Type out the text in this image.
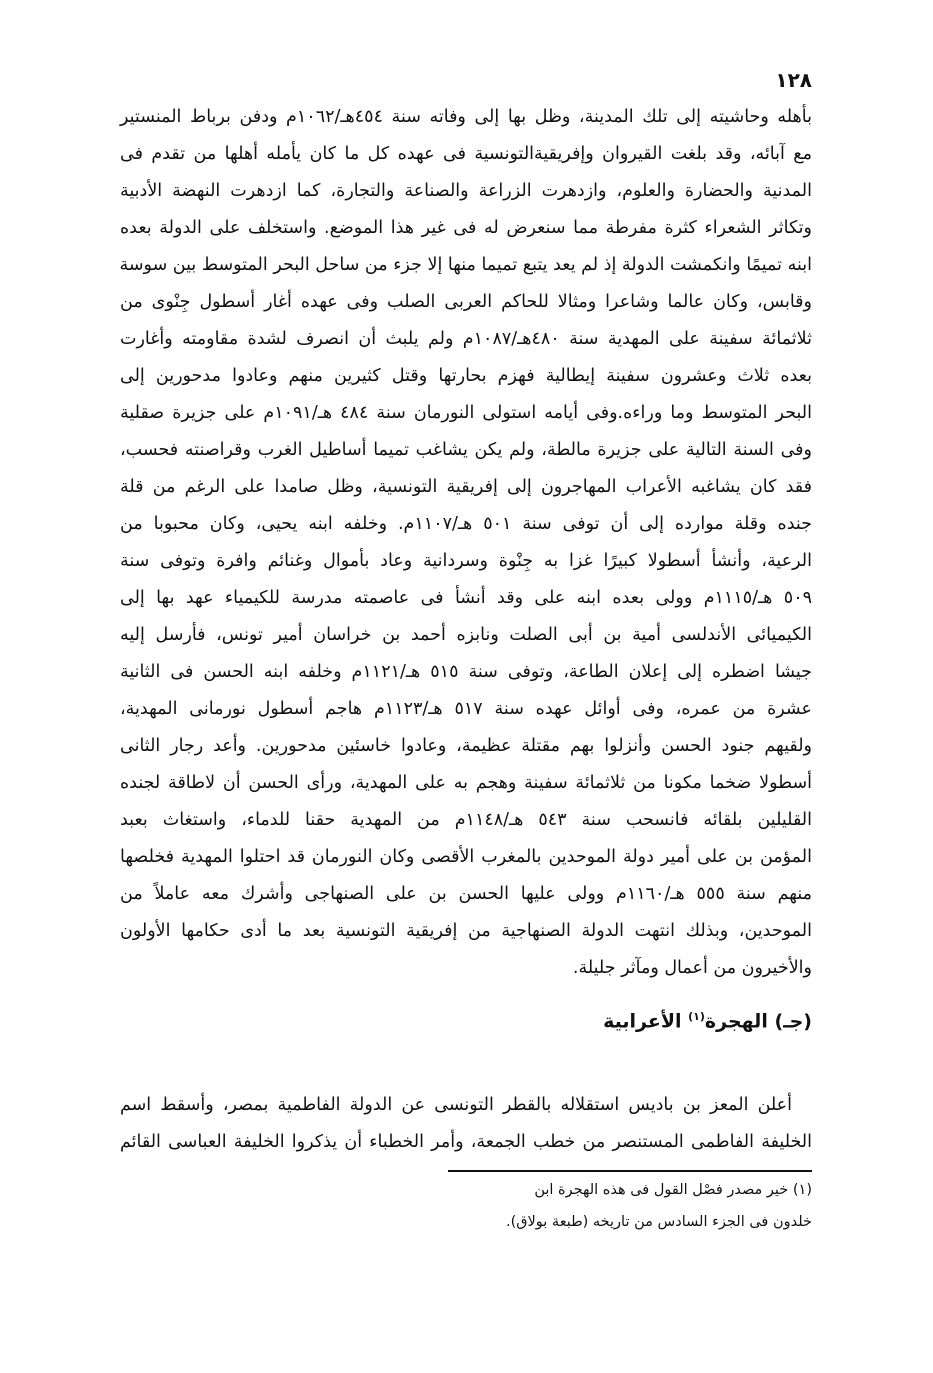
١٢٨
بأهله وحاشيته إلى تلك المدينة، وظل بها إلى وفاته سنة ٤٥٤هـ/١٠٦٢م ودفن برباط المنستير
مع آبائه، وقد بلغت القيروان وإفريقيةالتونسية فى عهده كل ما كان يأمله أهلها من تقدم فى
المدنية والحضارة والعلوم، وازدهرت الزراعة والصناعة والتجارة، كما ازدهرت النهضة الأدبية
وتكاثر الشعراء كثرة مفرطة مما سنعرض له فى غير هذا الموضع. واستخلف على الدولة بعده
ابنه تميمًا وانكمشت الدولة إذ لم يعد يتبع تميما منها إلا جزء من ساحل البحر المتوسط بين سوسة
وقابس، وكان عالما وشاعرا ومثالا للحاكم العربى الصلب وفى عهده أغار أسطول جِنْوى من
ثلاثمائة سفينة على المهدية سنة ٤٨٠هـ/١٠٨٧م ولم يلبث أن انصرف لشدة مقاومته وأغارت
بعده ثلاث وعشرون سفينة إيطالية فهزم بحارتها وقتل كثيرين منهم وعادوا مدحورين إلى
البحر المتوسط وما وراءه.وفى أيامه استولى النورمان سنة ٤٨٤ هـ/١٠٩١م على جزيرة صقلية
وفى السنة التالية على جزيرة مالطة، ولم يكن يشاغب تميما أساطيل الغرب وقراصنته فحسب،
فقد كان يشاغبه الأعراب المهاجرون إلى إفريقية التونسية، وظل صامدا على الرغم من قلة
جنده وقلة موارده إلى أن توفى سنة ٥٠١ هـ/١١٠٧م. وخلفه ابنه يحيى، وكان محبوبا من
الرعية، وأنشأ أسطولا كبيرًا غزا به جِنْوة وسردانية وعاد بأموال وغنائم وافرة وتوفى سنة
٥٠٩ هـ/١١١٥م وولى بعده ابنه على وقد أنشأ فى عاصمته مدرسة للكيمياء عهد بها إلى
الكيميائى الأندلسى أمية بن أبى الصلت ونابزه أحمد بن خراسان أمير تونس، فأرسل إليه
جيشا اضطره إلى إعلان الطاعة، وتوفى سنة ٥١٥ هـ/١١٢١م وخلفه ابنه الحسن فى الثانية
عشرة من عمره، وفى أوائل عهده سنة ٥١٧ هـ/١١٢٣م هاجم أسطول نورمانى المهدية،
ولقيهم جنود الحسن وأنزلوا بهم مقتلة عظيمة، وعادوا خاسئين مدحورين. وأعد رجار الثانى
أسطولا ضخما مكونا من ثلاثمائة سفينة وهجم به على المهدية، ورأى الحسن أن لاطاقة لجنده
القليلين بلقائه فانسحب سنة ٥٤٣ هـ/١١٤٨م من المهدية حقنا للدماء، واستغاث بعبد
المؤمن بن على أمير دولة الموحدين بالمغرب الأقصى وكان النورمان قد احتلوا المهدية فخلصها
منهم سنة ٥٥٥ هـ/١١٦٠م وولى عليها الحسن بن على الصنهاجى وأشرك معه عاملاً من
الموحدين، وبذلك انتهت الدولة الصنهاجية من إفريقية التونسية بعد ما أدى حكامها الأولون
والأخيرون من أعمال ومآثر جليلة.
(جـ) الهجرة$^{(١)}$ الأعرابية
أعلن المعز بن باديس استقلاله بالقطر التونسى عن الدولة الفاطمية بمصر، وأسقط اسم
الخليفة الفاطمى المستنصر من خطب الجمعة، وأمر الخطباء أن يذكروا الخليفة العباسى القائم
(١) خير مصدر فصْل القول فى هذه الهجرة ابن
خلدون فى الجزء السادس من تاريخه (طبعة بولاق).
